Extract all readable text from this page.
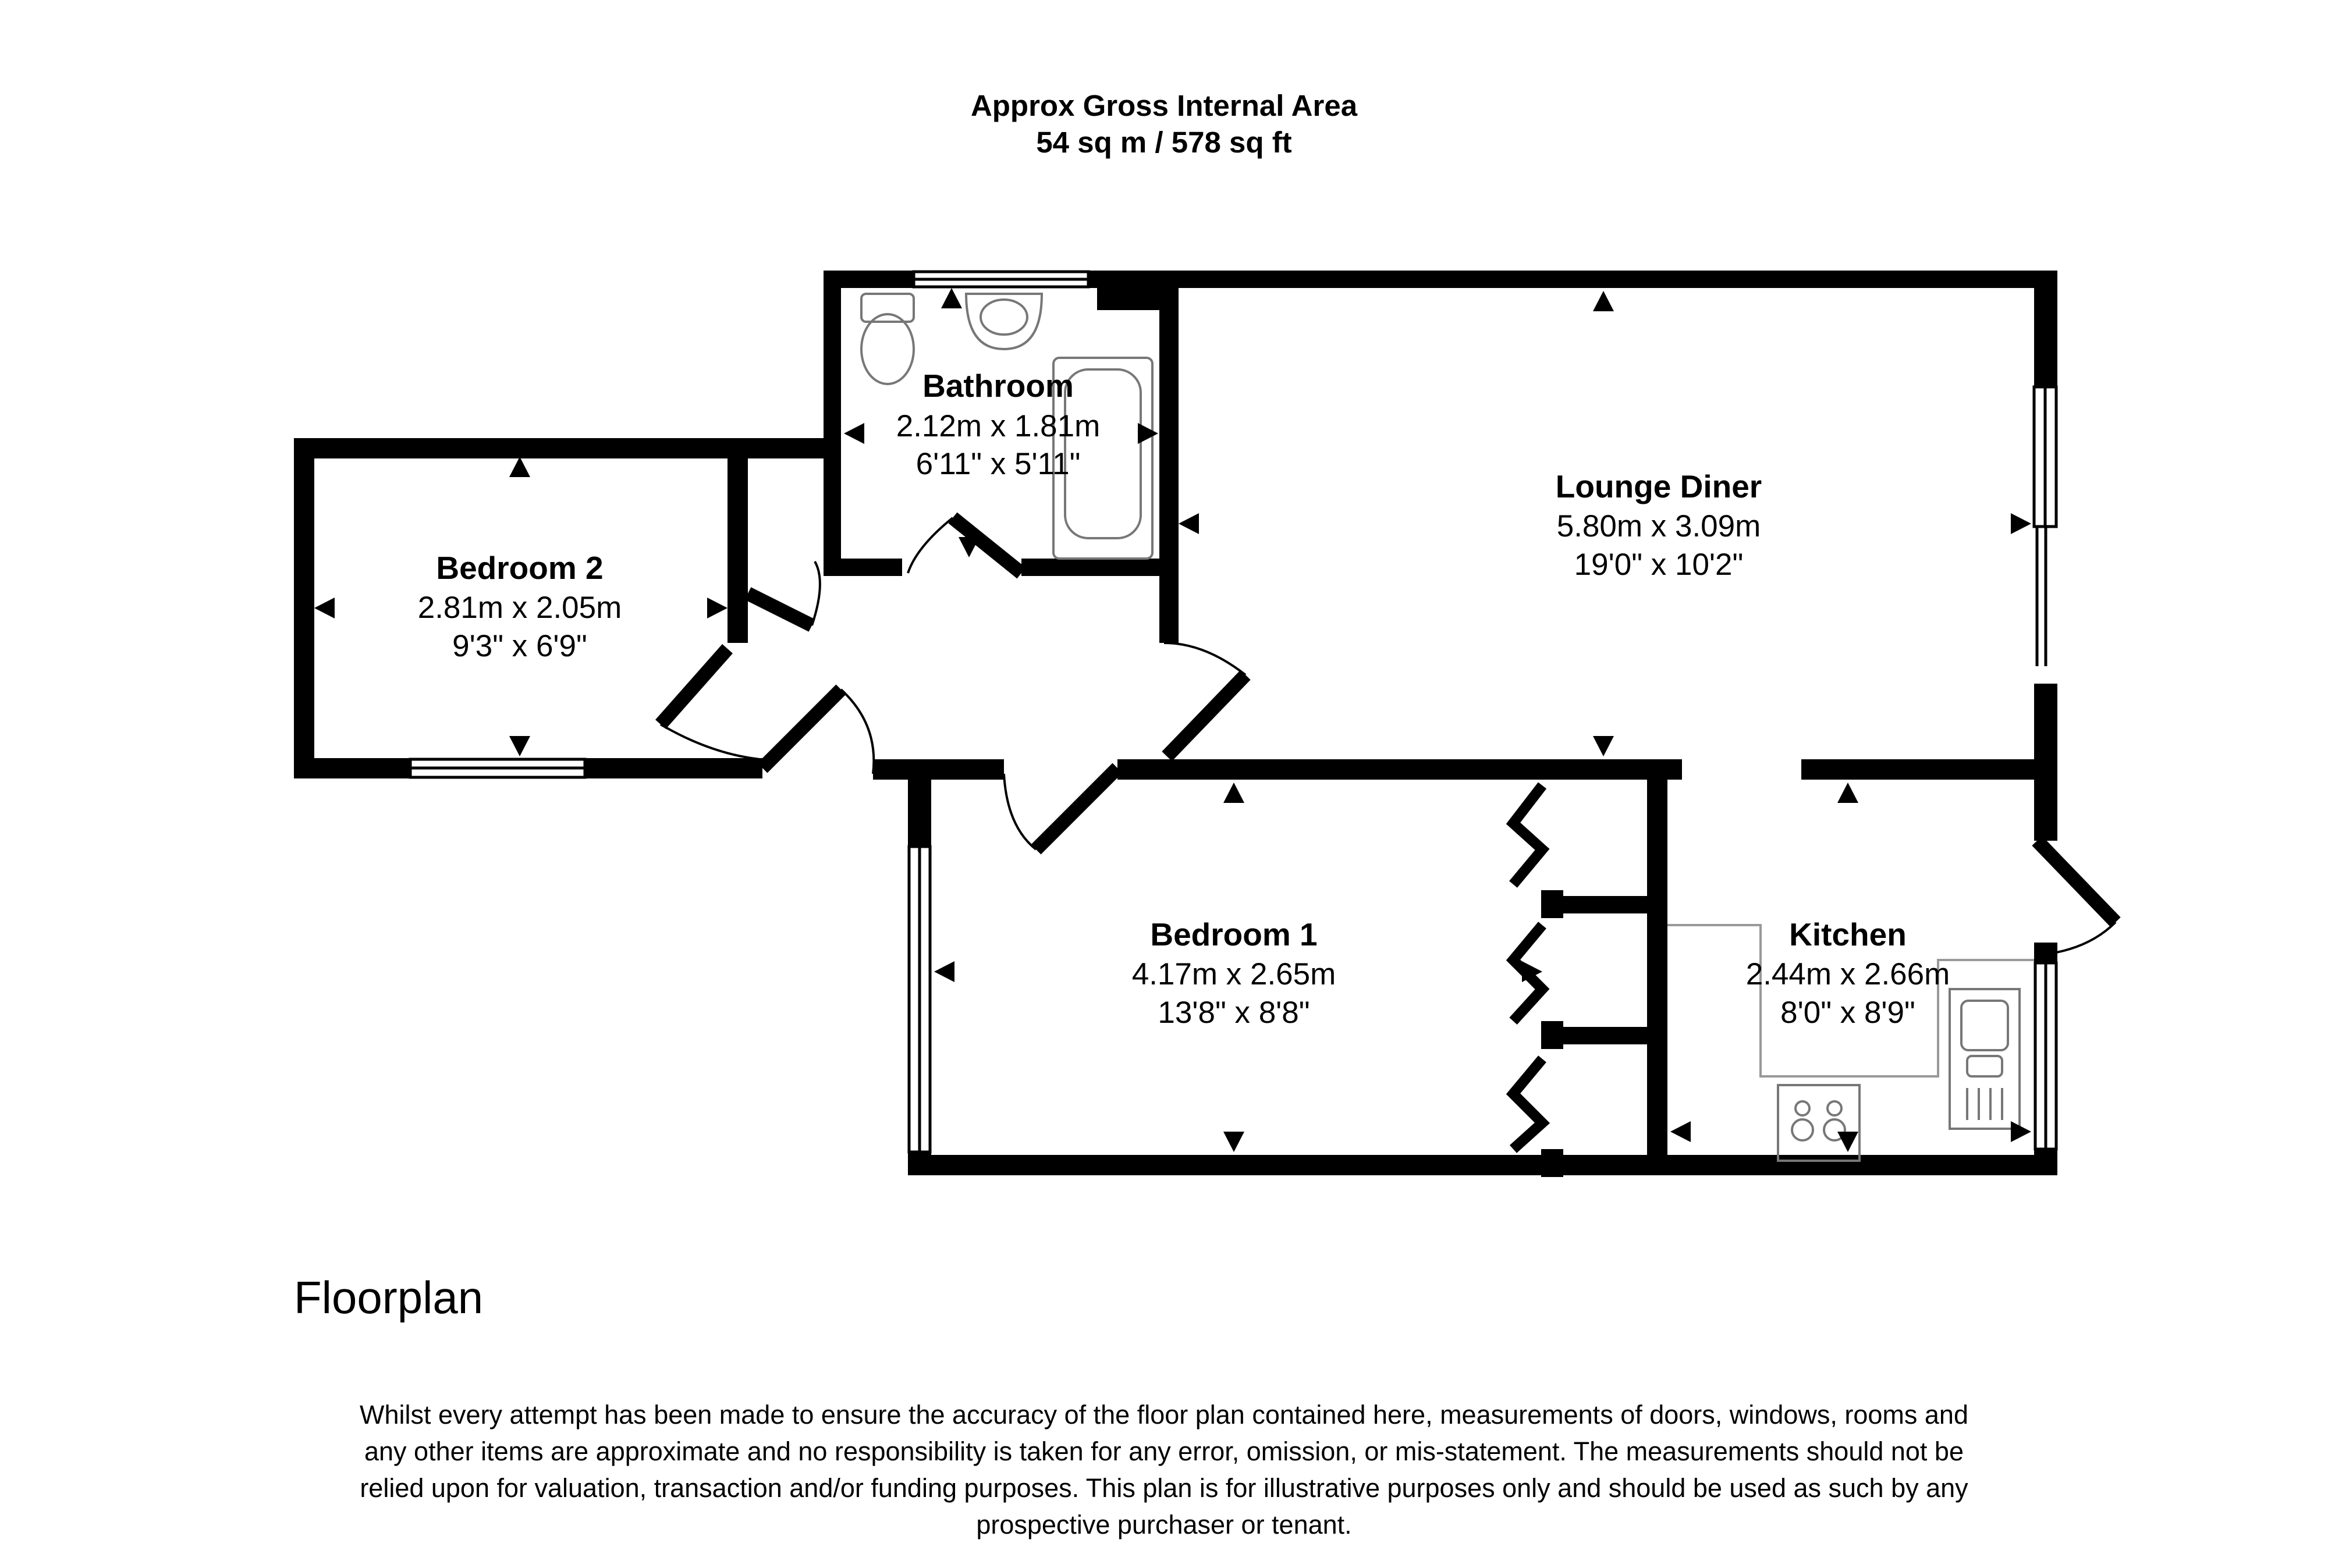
Approx Gross Internal Area
54 sq m / 578 sq ft
Bathroom
2.12m x 1.81m
6'11" x 5'11"
Lounge Diner
5.80m x 3.09m
19'0" x 10'2"
Bedroom 2
2.81m x 2.05m
9'3" x 6'9"
Bedroom 1
4.17m x 2.65m
13'8" x 8'8"
Kitchen
2.44m x 2.66m
8'0" x 8'9"
Floorplan
Whilst every attempt has been made to ensure the accuracy of the floor plan contained here, measurements of doors, windows, rooms and
any other items are approximate and no responsibility is taken for any error, omission, or mis-statement. The measurements should not be
relied upon for valuation, transaction and/or funding purposes. This plan is for illustrative purposes only and should be used as such by any
prospective purchaser or tenant.
